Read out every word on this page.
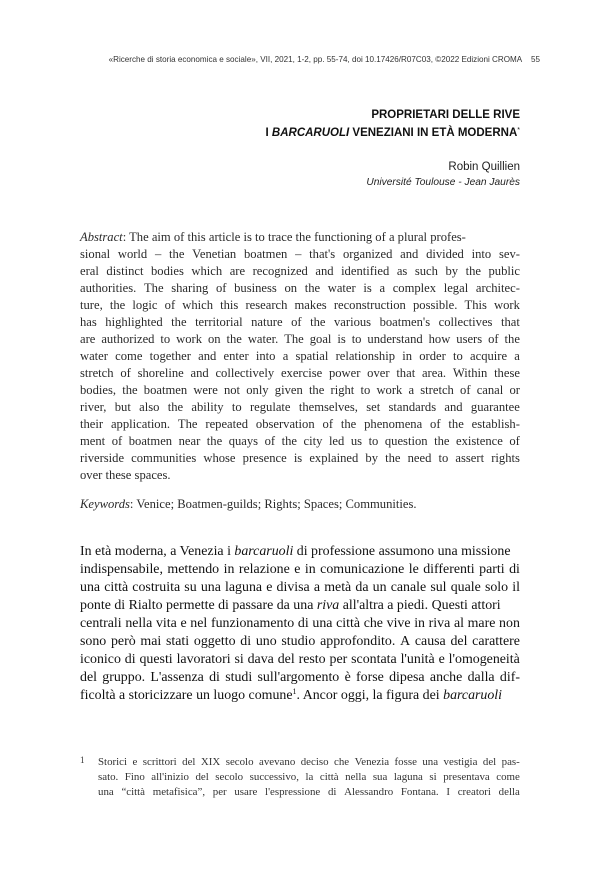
«Ricerche di storia economica e sociale», VII, 2021, 1-2, pp. 55-74, doi 10.17426/R07C03, ©2022 Edizioni CROMA 55
PROPRIETARI DELLE RIVE
I BARCARUOLI VENEZIANI IN ETÀ MODERNA*
Robin Quillien
Université Toulouse - Jean Jaurès
Abstract: The aim of this article is to trace the functioning of a plural profes-
sional world – the Venetian boatmen – that's organized and divided into sev-
eral distinct bodies which are recognized and identified as such by the public
authorities. The sharing of business on the water is a complex legal architec-
ture, the logic of which this research makes reconstruction possible. This work
has highlighted the territorial nature of the various boatmen's collectives that
are authorized to work on the water. The goal is to understand how users of the
water come together and enter into a spatial relationship in order to acquire a
stretch of shoreline and collectively exercise power over that area. Within these
bodies, the boatmen were not only given the right to work a stretch of canal or
river, but also the ability to regulate themselves, set standards and guarantee
their application. The repeated observation of the phenomena of the establish-
ment of boatmen near the quays of the city led us to question the existence of
riverside communities whose presence is explained by the need to assert rights
over these spaces.
Keywords: Venice; Boatmen-guilds; Rights; Spaces; Communities.
In età moderna, a Venezia i barcaruoli di professione assumono una missione
indispensabile, mettendo in relazione e in comunicazione le differenti parti di
una città costruita su una laguna e divisa a metà da un canale sul quale solo il
ponte di Rialto permette di passare da una riva all'altra a piedi. Questi attori
centrali nella vita e nel funzionamento di una città che vive in riva al mare non
sono però mai stati oggetto di uno studio approfondito. A causa del carattere
iconico di questi lavoratori si dava del resto per scontata l'unità e l'omogeneità
del gruppo. L'assenza di studi sull'argomento è forse dipesa anche dalla dif-
ficoltà a storicizzare un luogo comune$^1$. Ancor oggi, la figura dei barcaruoli
1 Storici e scrittori del XIX secolo avevano deciso che Venezia fosse una vestigia del pas-
sato. Fino all'inizio del secolo successivo, la città nella sua laguna si presentava come
una “città metafisica”, per usare l'espressione di Alessandro Fontana. I creatori della
